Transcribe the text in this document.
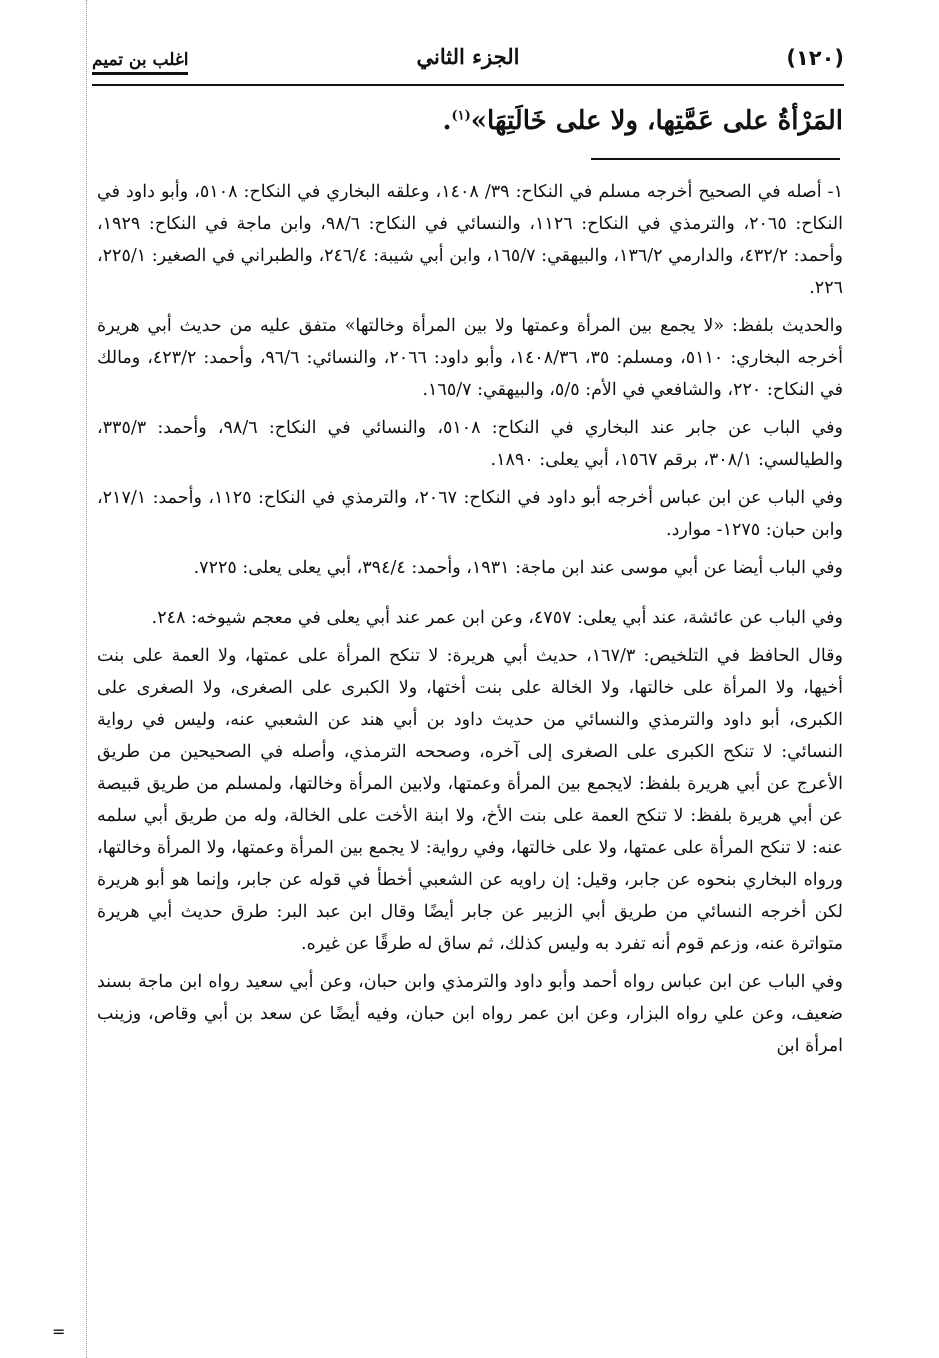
(١٢٠)
الجزء الثاني
اغلب بن تميم
المَرْأةُ على عَمَّتِها، ولا على خَالَتِهَا»$^{(١)}$.

١- أصله في الصحيح أخرجه مسلم في النكاح: ٣٩/ ١٤٠٨، وعلقه البخاري في النكاح: ٥١٠٨، وأبو داود في النكاح: ٢٠٦٥، والترمذي في النكاح: ١١٢٦، والنسائي في النكاح: ٩٨/٦، وابن ماجة في النكاح: ١٩٢٩، وأحمد: ٤٣٢/٢، والدارمي ١٣٦/٢، والبيهقي: ١٦٥/٧، وابن أبي شيبة: ٢٤٦/٤، والطبراني في الصغير: ٢٢٥/١، ٢٢٦.

والحديث بلفظ: «لا يجمع بين المرأة وعمتها ولا بين المرأة وخالتها» متفق عليه من حديث أبي هريرة أخرجه البخاري: ٥١١٠، ومسلم: ٣٥، ١٤٠٨/٣٦، وأبو داود: ٢٠٦٦، والنسائي: ٩٦/٦، وأحمد: ٤٢٣/٢، ومالك في النكاح: ٢٢٠، والشافعي في الأم: ٥/٥، والبيهقي: ١٦٥/٧.

وفي الباب عن جابر عند البخاري في النكاح: ٥١٠٨، والنسائي في النكاح: ٩٨/٦، وأحمد: ٣٣٥/٣، والطيالسي: ٣٠٨/١، برقم ١٥٦٧، أبي يعلى: ١٨٩٠.

وفي الباب عن ابن عباس أخرجه أبو داود في النكاح: ٢٠٦٧، والترمذي في النكاح: ١١٢٥، وأحمد: ٢١٧/١، وابن حبان: ١٢٧٥- موارد.

وفي الباب أيضا عن أبي موسى عند ابن ماجة: ١٩٣١، وأحمد: ٣٩٤/٤، أبي يعلى يعلى: ٧٢٢٥.

وفي الباب عن عائشة، عند أبي يعلى: ٤٧٥٧، وعن ابن عمر عند أبي يعلى في معجم شيوخه: ٢٤٨.

وقال الحافظ في التلخيص: ١٦٧/٣، حديث أبي هريرة: لا تنكح المرأة على عمتها، ولا العمة على بنت أخيها، ولا المرأة على خالتها، ولا الخالة على بنت أختها، ولا الكبرى على الصغرى، ولا الصغرى على الكبرى، أبو داود والترمذي والنسائي من حديث داود بن أبي هند عن الشعبي عنه، وليس في رواية النسائي: لا تنكح الكبرى على الصغرى إلى آخره، وصححه الترمذي، وأصله في الصحيحين من طريق الأعرج عن أبي هريرة بلفظ: لايجمع بين المرأة وعمتها، ولابين المرأة وخالتها، ولمسلم من طريق قبيصة عن أبي هريرة بلفظ: لا تنكح العمة على بنت الأخ، ولا ابنة الأخت على الخالة، وله من طريق أبي سلمه عنه: لا تنكح المرأة على عمتها، ولا على خالتها، وفي رواية: لا يجمع بين المرأة وعمتها، ولا المرأة وخالتها، ورواه البخاري بنحوه عن جابر، وقيل: إن راويه عن الشعبي أخطأ في قوله عن جابر، وإنما هو أبو هريرة لكن أخرجه النسائي من طريق أبي الزبير عن جابر أيضًا وقال ابن عبد البر: طرق حديث أبي هريرة متواترة عنه، وزعم قوم أنه تفرد به وليس كذلك، ثم ساق له طرقًا عن غيره.

وفي الباب عن ابن عباس رواه أحمد وأبو داود والترمذي وابن حبان، وعن أبي سعيد رواه ابن ماجة بسند ضعيف، وعن علي رواه البزار، وعن ابن عمر رواه ابن حبان، وفيه أيضًا عن سعد بن أبي وقاص، وزينب امرأة ابن

=
